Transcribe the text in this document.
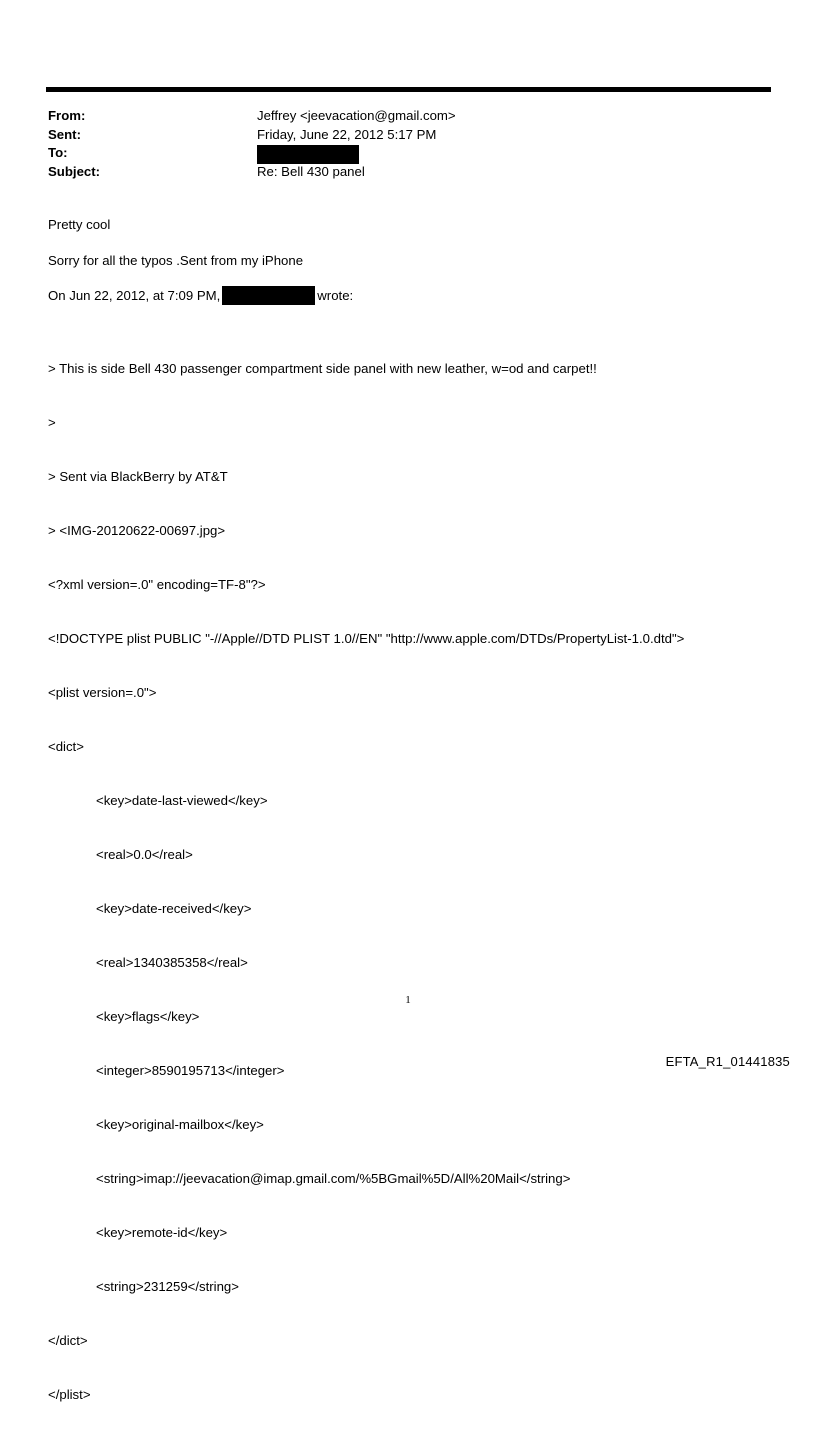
From:	Jeffrey <jeevacation@gmail.com>
Sent:	Friday, June 22, 2012 5:17 PM
To:
Subject:	Re: Bell 430 panel
Pretty cool
Sorry for all the typos .Sent from my iPhone
On Jun 22, 2012, at 7:09 PM,	wrote:

> This is side Bell 430 passenger compartment side panel with new leather, w=od and carpet!!

>

> Sent via BlackBerry by AT&T

> <IMG-20120622-00697.jpg>

<?xml version=.0" encoding=TF-8"?>

<!DOCTYPE plist PUBLIC "-//Apple//DTD PLIST 1.0//EN" "http://www.apple.com/DTDs/PropertyList-1.0.dtd">

<plist version=.0">

<dict>

<key>date-last-viewed</key>

<real>0.0</real>

<key>date-received</key>

<real>1340385358</real>

<key>flags</key>

<integer>8590195713</integer>

<key>original-mailbox</key>

<string>imap://jeevacation@imap.gmail.com/%5BGmail%5D/All%20Mail</string>

<key>remote-id</key>

<string>231259</string>

</dict>

</plist>

1
EFTA_R1_01441835
